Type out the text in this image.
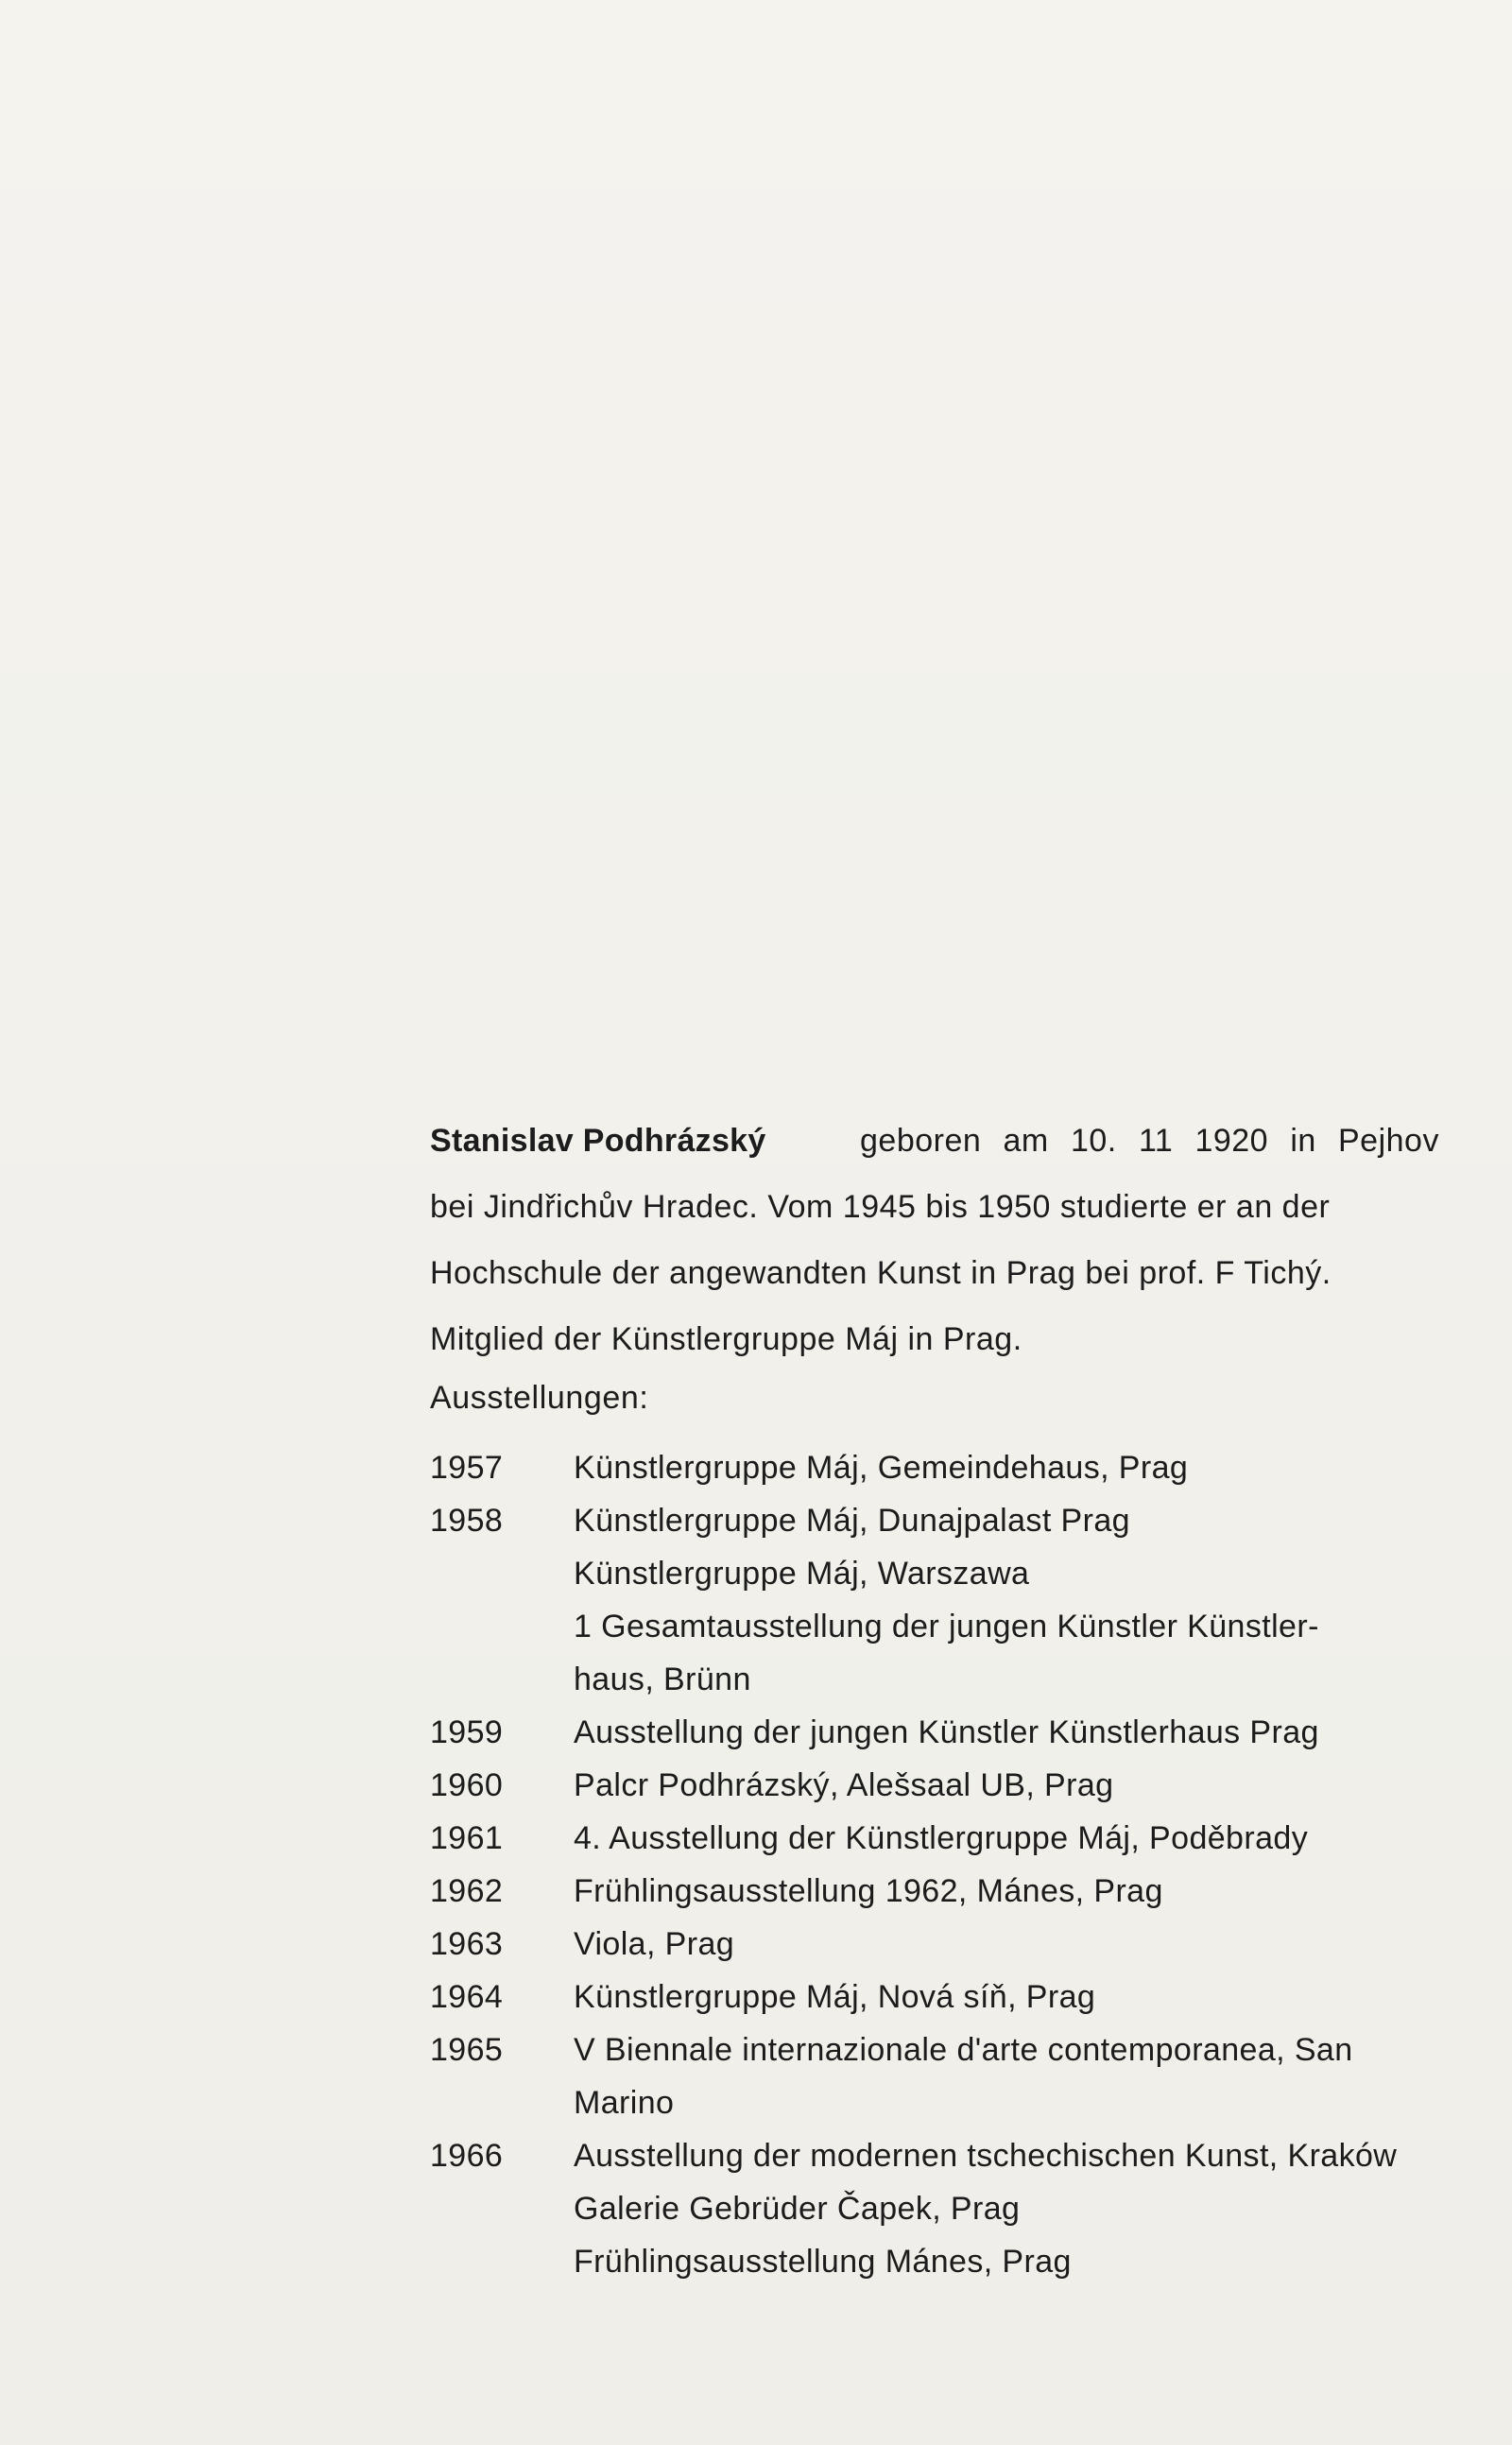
Stanislav Podhrázský	geboren am 10. 11 1920 in Pejhov
bei Jindřichův Hradec. Vom 1945 bis 1950 studierte er an der
Hochschule der angewandten Kunst in Prag bei prof. F Tichý.
Mitglied der Künstlergruppe Máj in Prag.
Ausstellungen:
1957	Künstlergruppe Máj, Gemeindehaus, Prag
1958	Künstlergruppe Máj, Dunajpalast Prag
Künstlergruppe Máj, Warszawa
1 Gesamtausstellung der jungen Künstler Künstler-
haus, Brünn
1959	Ausstellung der jungen Künstler Künstlerhaus Prag
1960	Palcr Podhrázský, Alešsaal UB, Prag
1961	4. Ausstellung der Künstlergruppe Máj, Poděbrady
1962	Frühlingsausstellung 1962, Mánes, Prag
1963	Viola, Prag
1964	Künstlergruppe Máj, Nová síň, Prag
1965	V Biennale internazionale d'arte contemporanea, San
Marino
1966	Ausstellung der modernen tschechischen Kunst, Kraków
Galerie Gebrüder Čapek, Prag
Frühlingsausstellung Mánes, Prag
